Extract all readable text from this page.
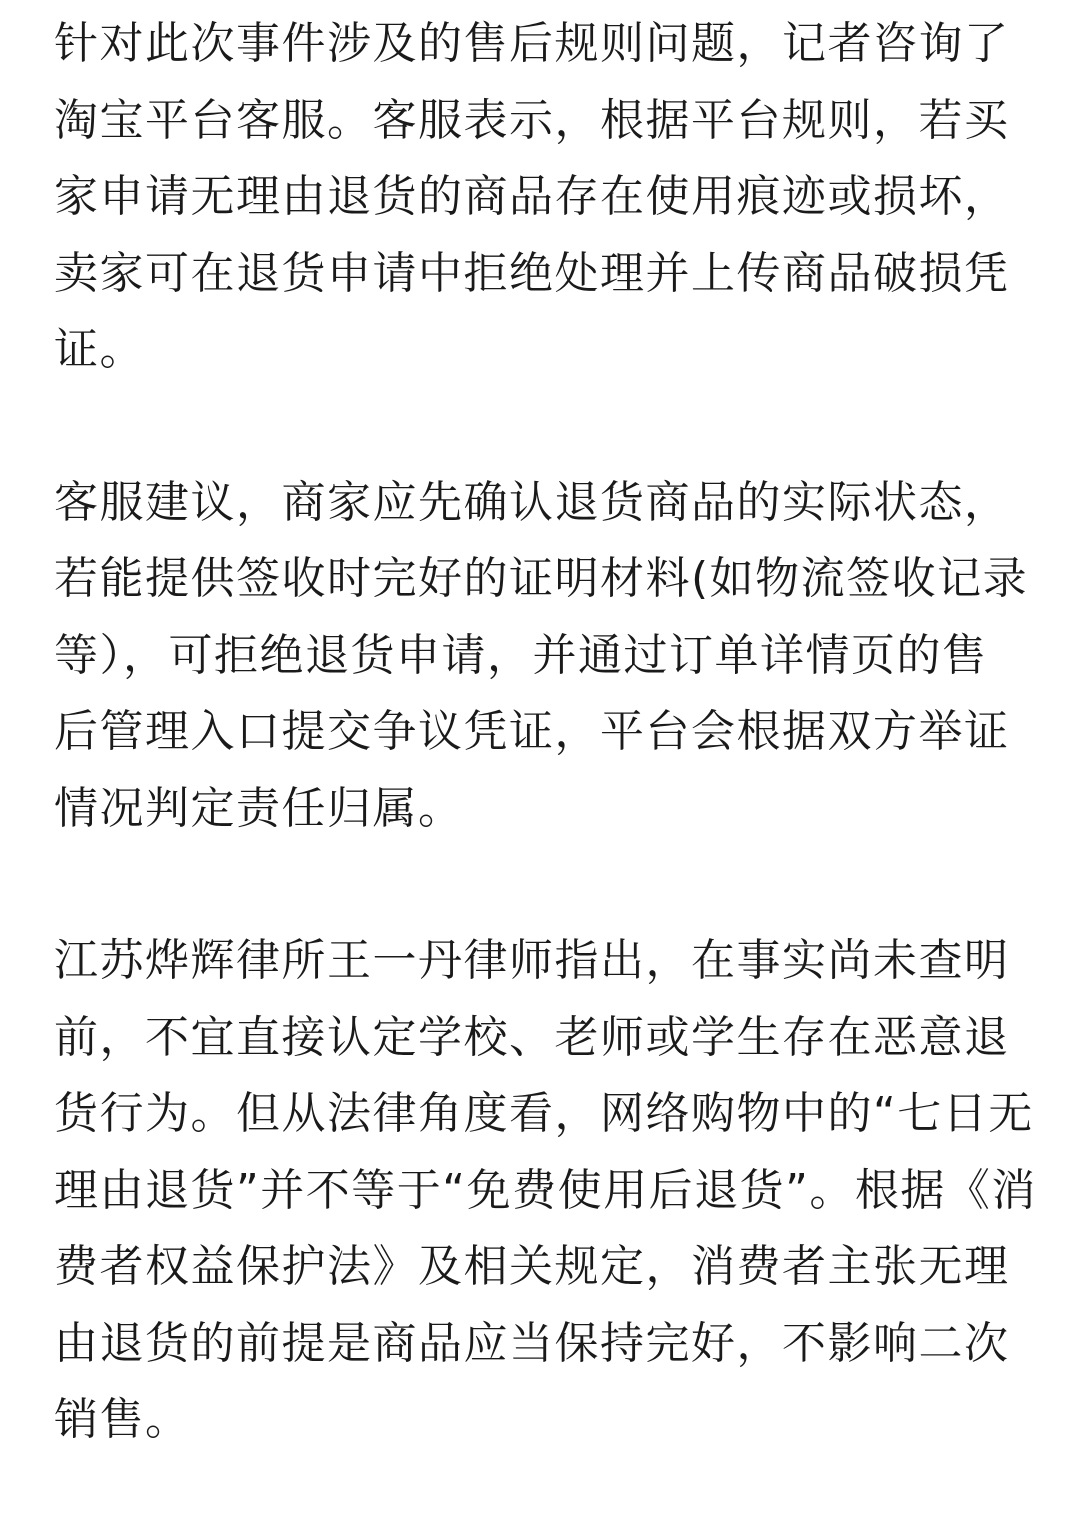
针对此次事件涉及的售后规则问题，记者咨询了
淘宝平台客服。客服表示，根据平台规则，若买
家申请无理由退货的商品存在使用痕迹或损坏，
卖家可在退货申请中拒绝处理并上传商品破损凭
证。

客服建议，商家应先确认退货商品的实际状态，
若能提供签收时完好的证明材料(如物流签收记录
等），可拒绝退货申请，并通过订单详情页的售
后管理入口提交争议凭证，平台会根据双方举证
情况判定责任归属。

江苏烨辉律所王一丹律师指出，在事实尚未查明
前，不宜直接认定学校、老师或学生存在恶意退
货行为。但从法律角度看，网络购物中的“七日无
理由退货”并不等于“免费使用后退货”。根据《消
费者权益保护法》及相关规定，消费者主张无理
由退货的前提是商品应当保持完好，不影响二次
销售。
